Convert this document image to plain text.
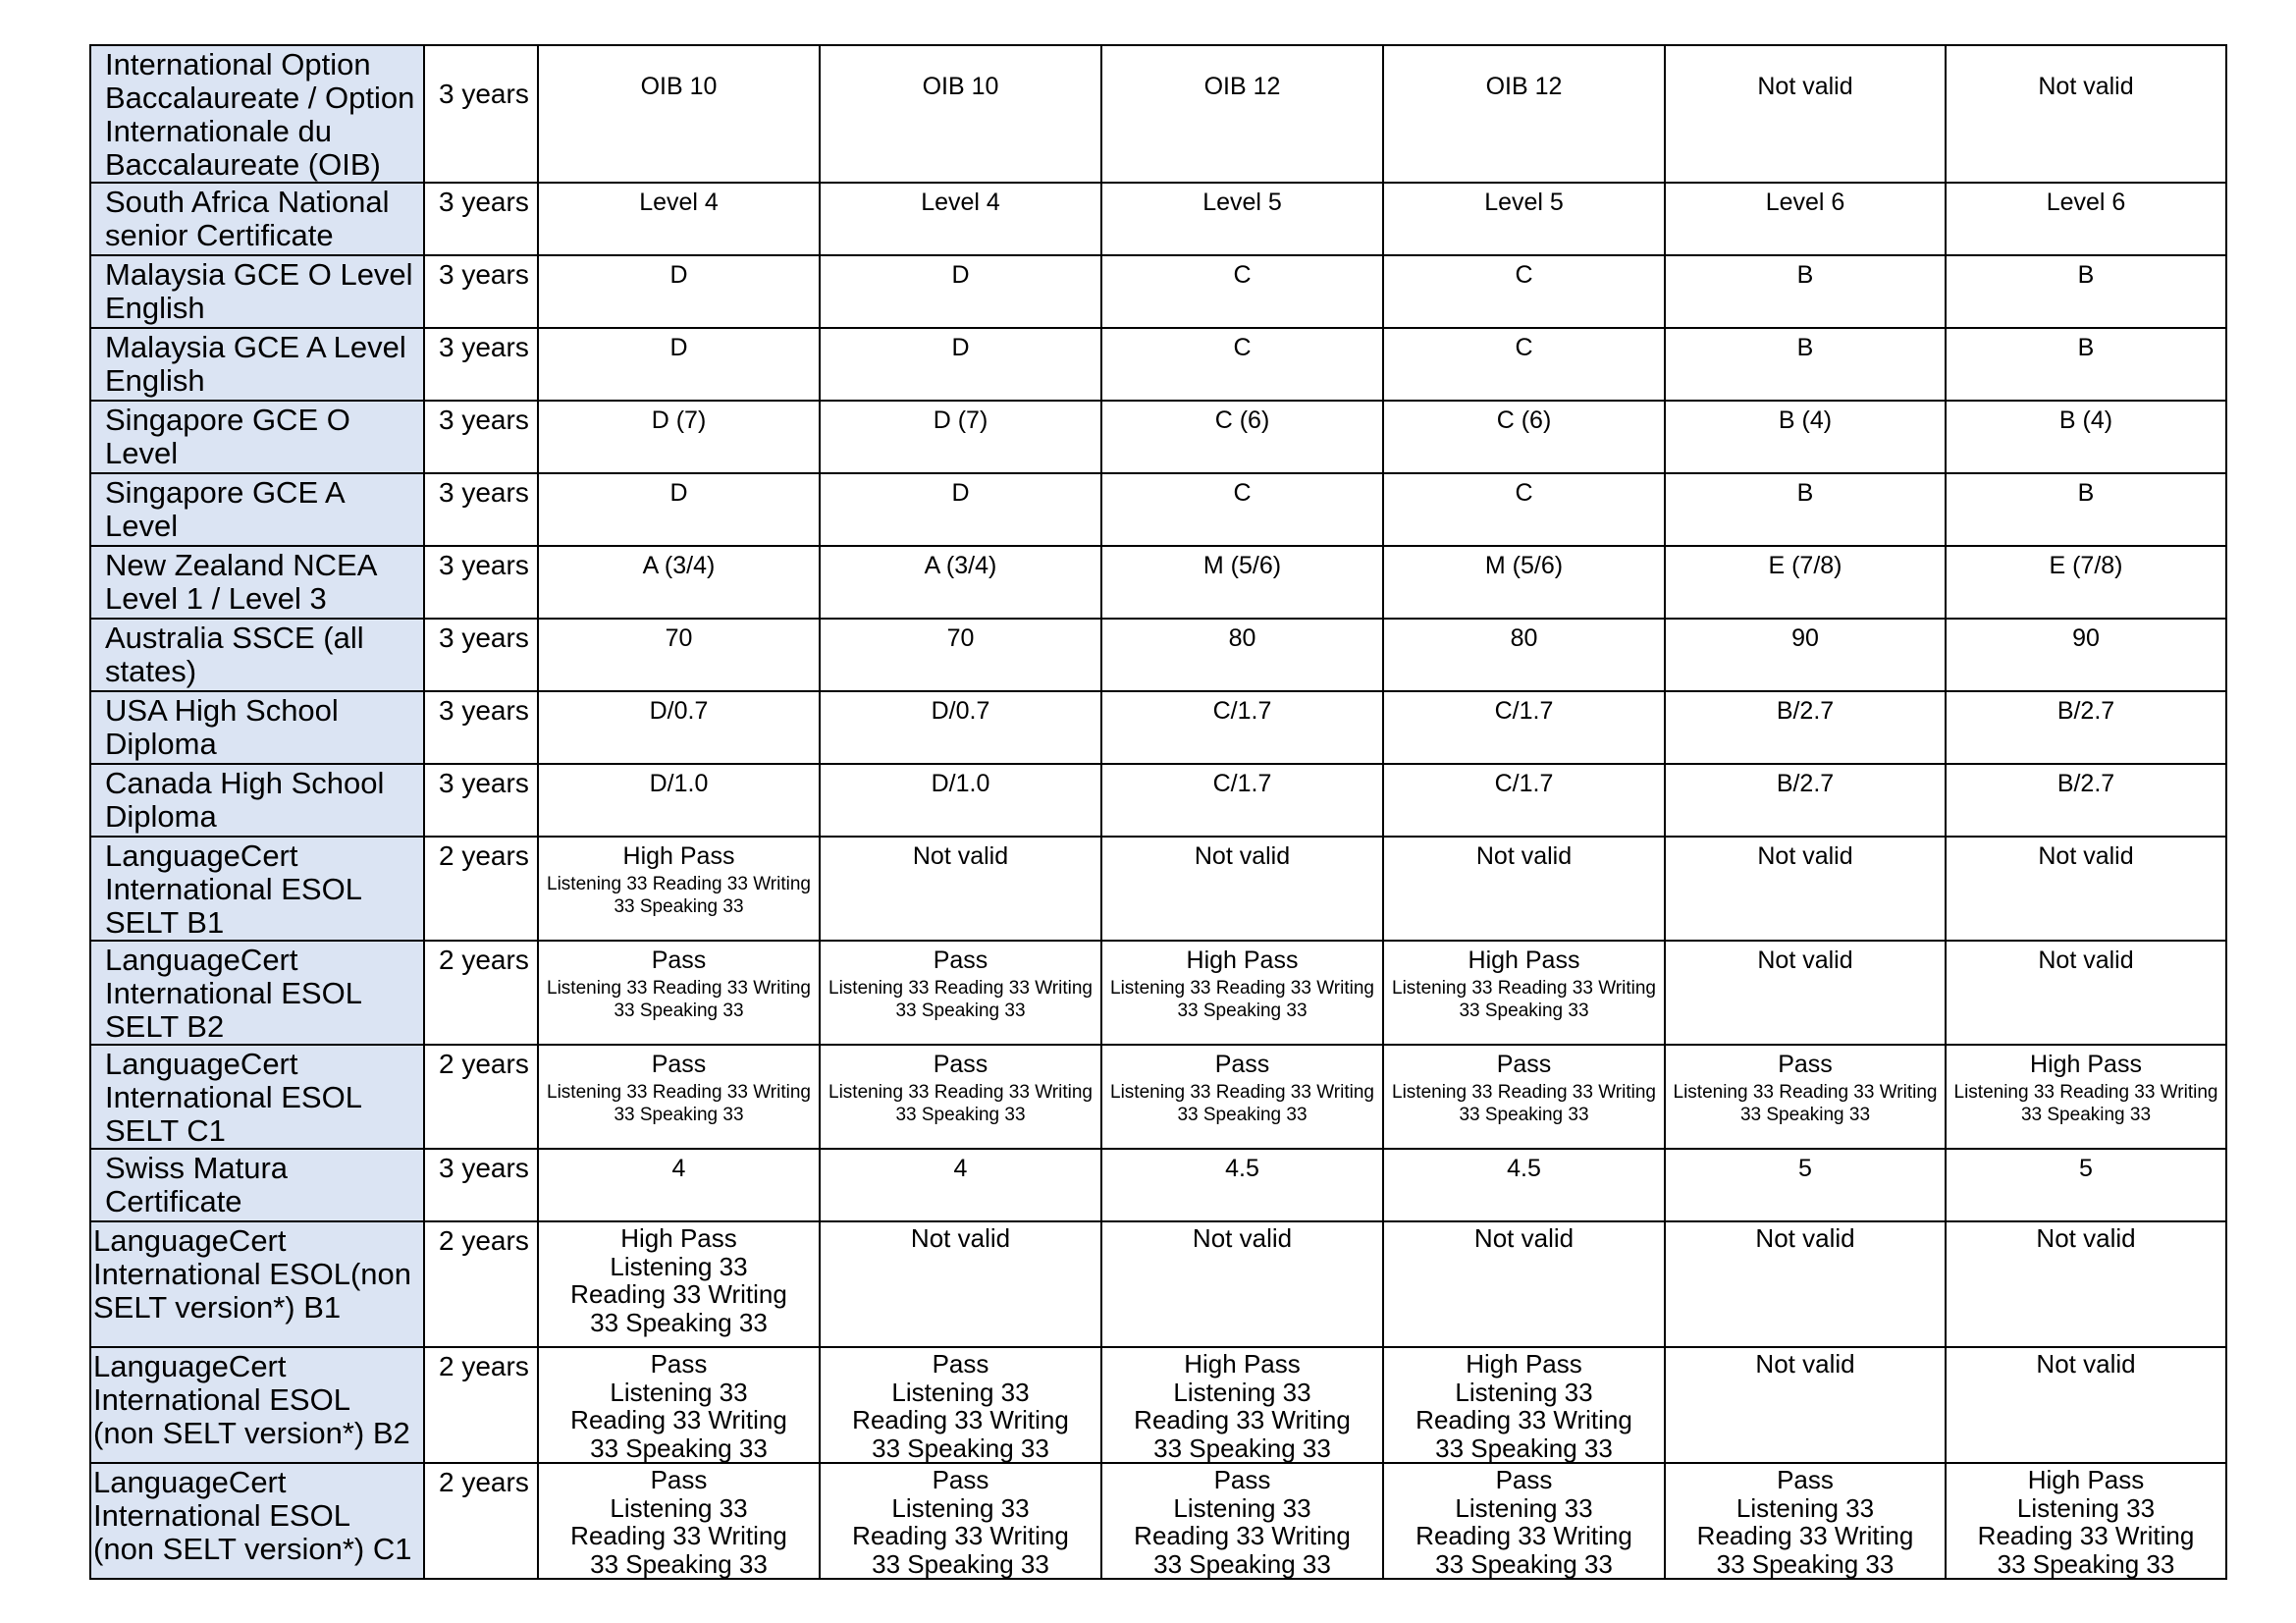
International Option Baccalaureate / Option Internationale du Baccalaureate (OIB)	3 years	OIB 10	OIB 10	OIB 12	OIB 12	Not valid	Not valid

South Africa National senior Certificate	3 years	Level 4	Level 4	Level 5	Level 5	Level 6	Level 6

Malaysia GCE O Level English	3 years	D	D	C	C	B	B

Malaysia GCE A Level English	3 years	D	D	C	C	B	B

Singapore GCE O Level	3 years	D (7)	D (7)	C (6)	C (6)	B (4)	B (4)

Singapore GCE A Level	3 years	D	D	C	C	B	B

New Zealand NCEA Level 1 / Level 3	3 years	A (3/4)	A (3/4)	M (5/6)	M (5/6)	E (7/8)	E (7/8)

Australia SSCE (all states)	3 years	70	70	80	80	90	90

USA High School Diploma	3 years	D/0.7	D/0.7	C/1.7	C/1.7	B/2.7	B/2.7

Canada High School Diploma	3 years	D/1.0	D/1.0	C/1.7	C/1.7	B/2.7	B/2.7

LanguageCert International ESOL SELT B1	2 years	High Pass
Listening 33 Reading 33 Writing 33 Speaking 33	Not valid	Not valid	Not valid	Not valid	Not valid

LanguageCert International ESOL SELT B2	2 years	Pass
Listening 33 Reading 33 Writing 33 Speaking 33	Pass
Listening 33 Reading 33 Writing 33 Speaking 33	High Pass
Listening 33 Reading 33 Writing 33 Speaking 33	High Pass
Listening 33 Reading 33 Writing 33 Speaking 33	Not valid	Not valid

LanguageCert International ESOL SELT C1	2 years	Pass
Listening 33 Reading 33 Writing 33 Speaking 33	Pass
Listening 33 Reading 33 Writing 33 Speaking 33	Pass
Listening 33 Reading 33 Writing 33 Speaking 33	Pass
Listening 33 Reading 33 Writing 33 Speaking 33	Pass
Listening 33 Reading 33 Writing 33 Speaking 33	High Pass
Listening 33 Reading 33 Writing 33 Speaking 33

Swiss Matura Certificate	3 years	4	4	4.5	4.5	5	5

LanguageCert International ESOL(non SELT version*) B1	2 years	High Pass
Listening 33
Reading 33 Writing
33 Speaking 33	Not valid	Not valid	Not valid	Not valid	Not valid

LanguageCert International ESOL (non SELT version*) B2	2 years	Pass
Listening 33
Reading 33 Writing
33 Speaking 33	Pass
Listening 33
Reading 33 Writing
33 Speaking 33	High Pass
Listening 33
Reading 33 Writing
33 Speaking 33	High Pass
Listening 33
Reading 33 Writing
33 Speaking 33	Not valid	Not valid

LanguageCert International ESOL (non SELT version*) C1	2 years	Pass
Listening 33
Reading 33 Writing
33 Speaking 33	Pass
Listening 33
Reading 33 Writing
33 Speaking 33	Pass
Listening 33
Reading 33 Writing
33 Speaking 33	Pass
Listening 33
Reading 33 Writing
33 Speaking 33	Pass
Listening 33
Reading 33 Writing
33 Speaking 33	High Pass
Listening 33
Reading 33 Writing
33 Speaking 33
